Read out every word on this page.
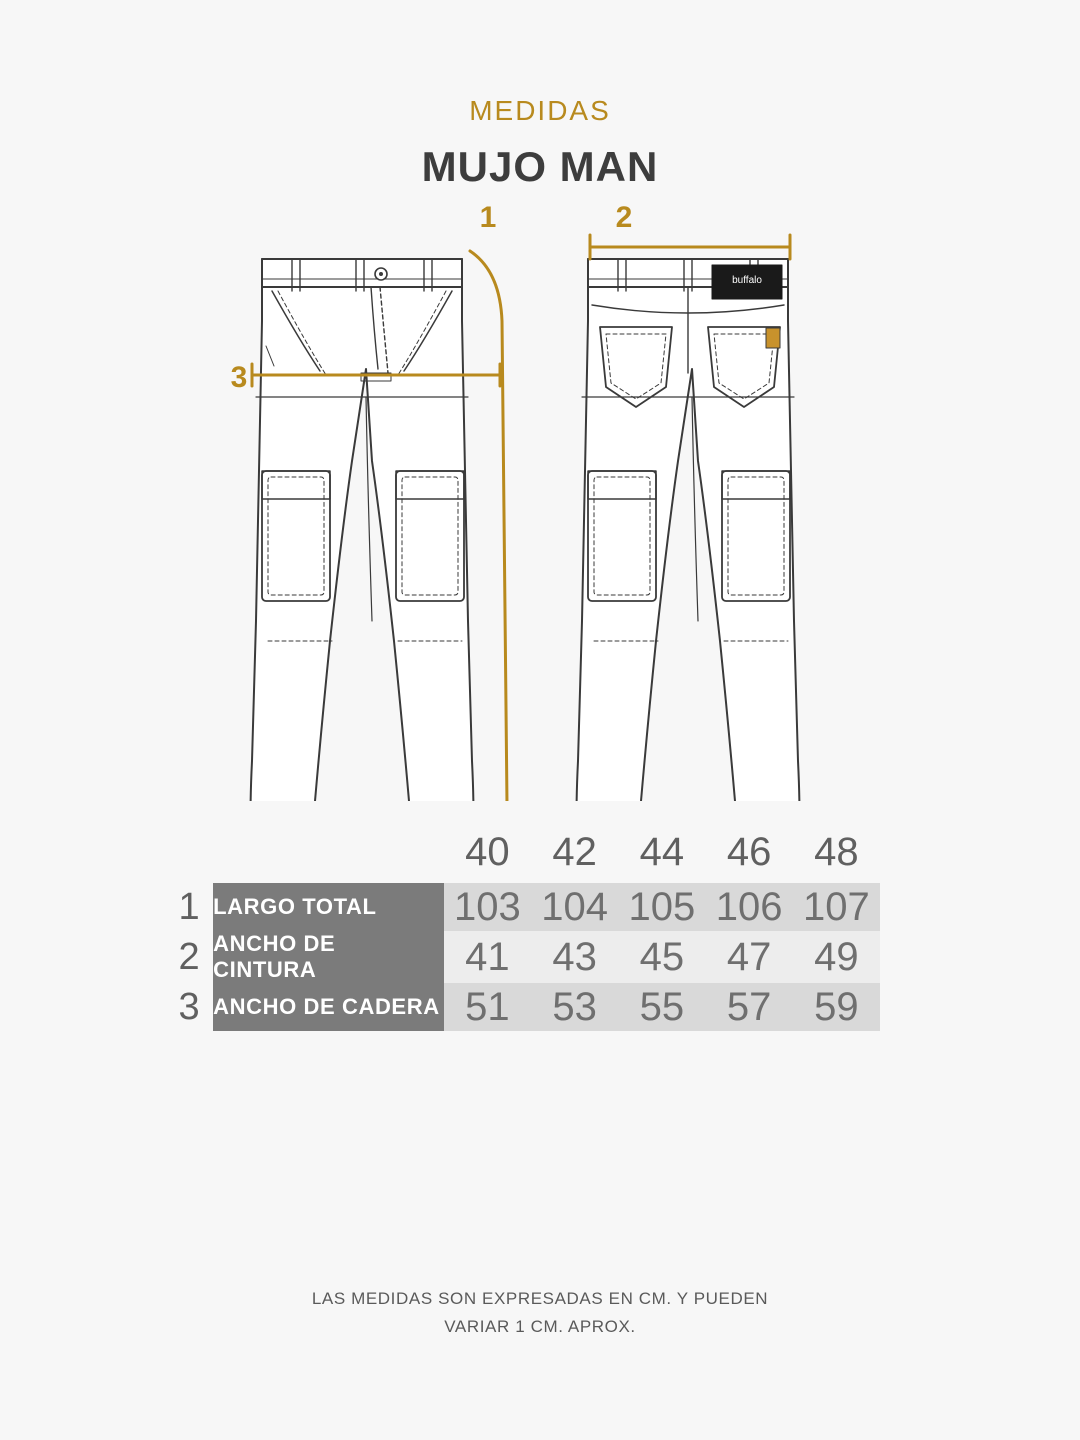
MEDIDAS
MUJO MAN
1	2
3
buffalo
		40	42	44	46	48
1	LARGO TOTAL	103	104	105	106	107
2	ANCHO DE CINTURA	41	43	45	47	49
3	ANCHO DE CADERA	51	53	55	57	59
LAS MEDIDAS SON EXPRESADAS EN CM. Y PUEDEN
VARIAR 1 CM. APROX.
